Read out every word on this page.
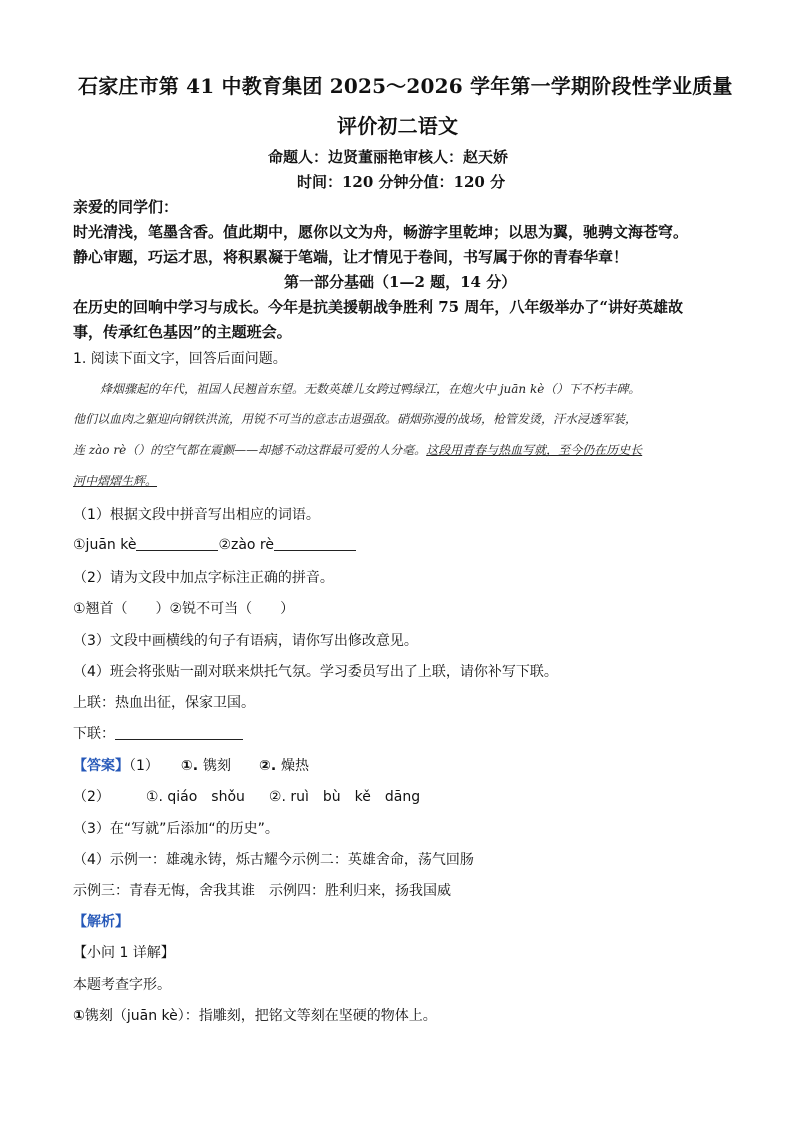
石家庄市第 41 中教育集团 2025～2026 学年第一学期阶段性学业质量
评价初二语文
命题人：边贤董丽艳审核人：赵天娇
时间：120 分钟分值：120 分
亲爱的同学们：
时光清浅，笔墨含香。值此期中，愿你以文为舟，畅游字里乾坤；以思为翼，驰骋文海苍穹。
静心审题，巧运才思，将积累凝于笔端，让才情见于卷间，书写属于你的青春华章！
第一部分基础（1—2 题，14 分）
在历史的回响中学习与成长。今年是抗美援朝战争胜利 75 周年，八年级举办了“讲好英雄故
事，传承红色基因”的主题班会。
1. 阅读下面文字，回答后面问题。
烽烟骤起的年代，祖国人民翘首东望。无数英雄儿女跨过鸭绿江，在炮火中 juān kè（）下不朽丰碑。
他们以血肉之躯迎向钢铁洪流，用锐不可当的意志击退强敌。硝烟弥漫的战场，枪管发烫，汗水浸透军装，
连 zào rè（）的空气都在震颤——却撼不动这群最可爱的人分毫。这段用青春与热血写就，至今仍在历史长
河中熠熠生辉。
（1）根据文段中拼音写出相应的词语。
①juān kè	②zào rè
（2）请为文段中加点字标注正确的拼音。
①翘首（　　）②锐不可当（　　）
（3）文段中画横线的句子有语病，请你写出修改意见。
（4）班会将张贴一副对联来烘托气氛。学习委员写出了上联，请你补写下联。
上联：热血出征，保家卫国。
下联：
【答案】（1） ①. 镌刻 ②. 燥热
（2）	①. qiáo　shǒu ②. ruì　bù　kě　dāng
（3）在“写就”后添加“的历史”。
（4）示例一：雄魂永铸，烁古耀今示例二：英雄舍命，荡气回肠
示例三：青春无悔，舍我其谁　示例四：胜利归来，扬我国威
【解析】
【小问 1 详解】
本题考查字形。
①镌刻（juān kè）：指雕刻，把铭文等刻在坚硬的物体上。
